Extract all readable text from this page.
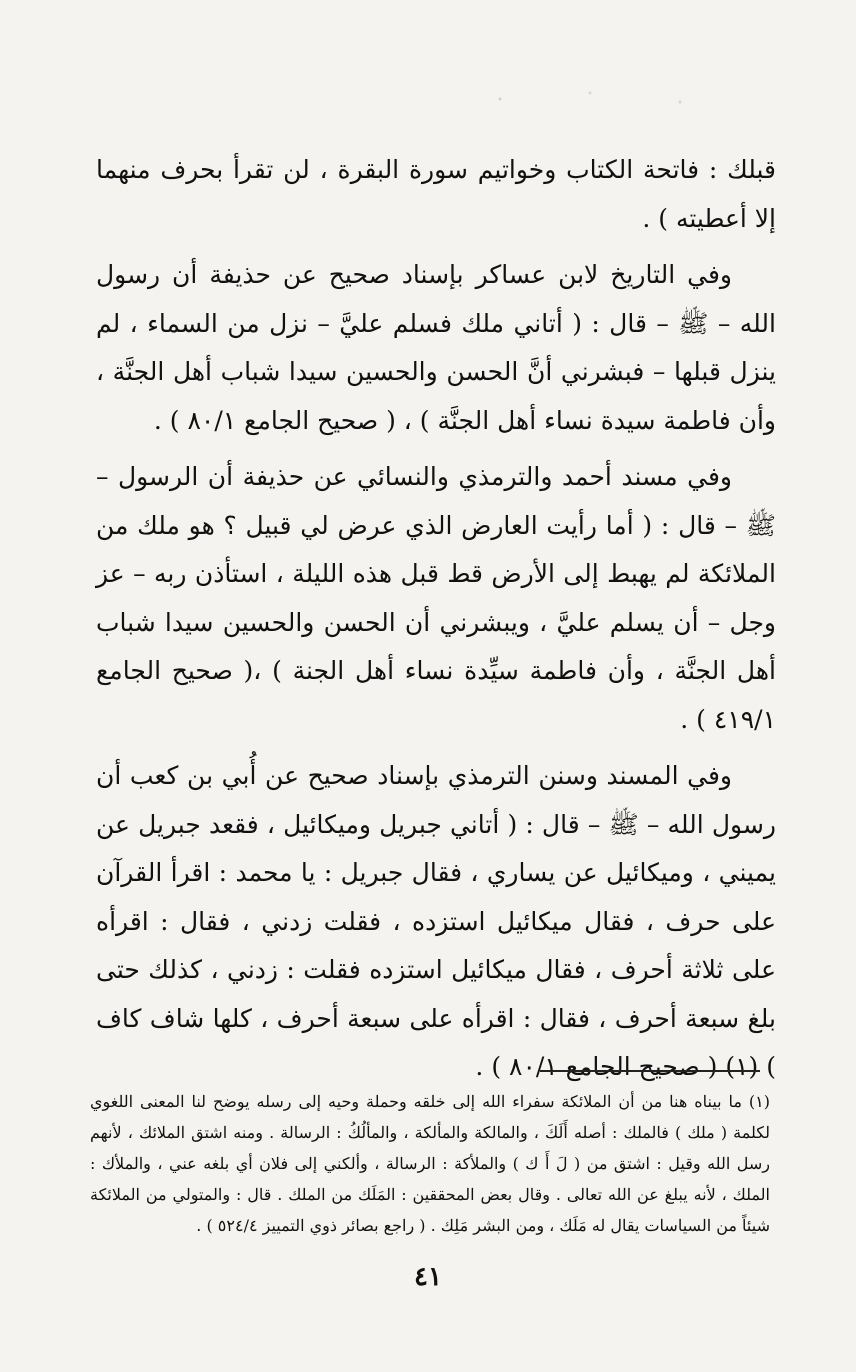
قبلك : فاتحة الكتاب وخواتيم سورة البقرة ، لن تقرأ بحرف منهما إلا أعطيته ) .

وفي التاريخ لابن عساكر بإسناد صحيح عن حذيفة أن رسول الله – ﷺ – قال : ( أتاني ملك فسلم عليَّ – نزل من السماء ، لم ينزل قبلها – فبشرني أنَّ الحسن والحسين سيدا شباب أهل الجنَّة ، وأن فاطمة سيدة نساء أهل الجنَّة ) ، ( صحيح الجامع ٨٠/١ ) .

وفي مسند أحمد والترمذي والنسائي عن حذيفة أن الرسول – ﷺ – قال : ( أما رأيت العارض الذي عرض لي قبيل ؟ هو ملك من الملائكة لم يهبط إلى الأرض قط قبل هذه الليلة ، استأذن ربه – عز وجل – أن يسلم عليَّ ، ويبشرني أن الحسن والحسين سيدا شباب أهل الجنَّة ، وأن فاطمة سيِّدة نساء أهل الجنة ) ،( صحيح الجامع ٤١٩/١ ) .

وفي المسند وسنن الترمذي بإسناد صحيح عن أُبي بن كعب أن رسول الله – ﷺ – قال : ( أتاني جبريل وميكائيل ، فقعد جبريل عن يميني ، وميكائيل عن يساري ، فقال جبريل : يا محمد : اقرأ القرآن على حرف ، فقال ميكائيل استزده ، فقلت زدني ، فقال : اقرأه على ثلاثة أحرف ، فقال ميكائيل استزده فقلت : زدني ، كذلك حتى بلغ سبعة أحرف ، فقال : اقرأه على سبعة أحرف ، كلها شاف كاف ) (١) ( صحيح الجامع ٨٠/١ ) .

(١) ما بيناه هنا من أن الملائكة سفراء الله إلى خلقه وحملة وحيه إلى رسله يوضح لنا المعنى اللغوي لكلمة ( ملك ) فالملك : أصله أَلَكَ ، والمالكة والمألكة ، والمألُكُ : الرسالة . ومنه اشتق الملائك ، لأنهم رسل الله وقيل : اشتق من ( لَ أَ ك ) والملأكة : الرسالة ، وألكني إلى فلان أي بلغه عني ، والملأك : الملك ، لأنه يبلغ عن الله تعالى . وقال بعض المحققين : المَلَك من الملك . قال : والمتولي من الملائكة شيئاً من السياسات يقال له مَلَك ، ومن البشر مَلِك . ( راجع بصائر ذوي التمييز ٥٢٤/٤ ) .

٤١
